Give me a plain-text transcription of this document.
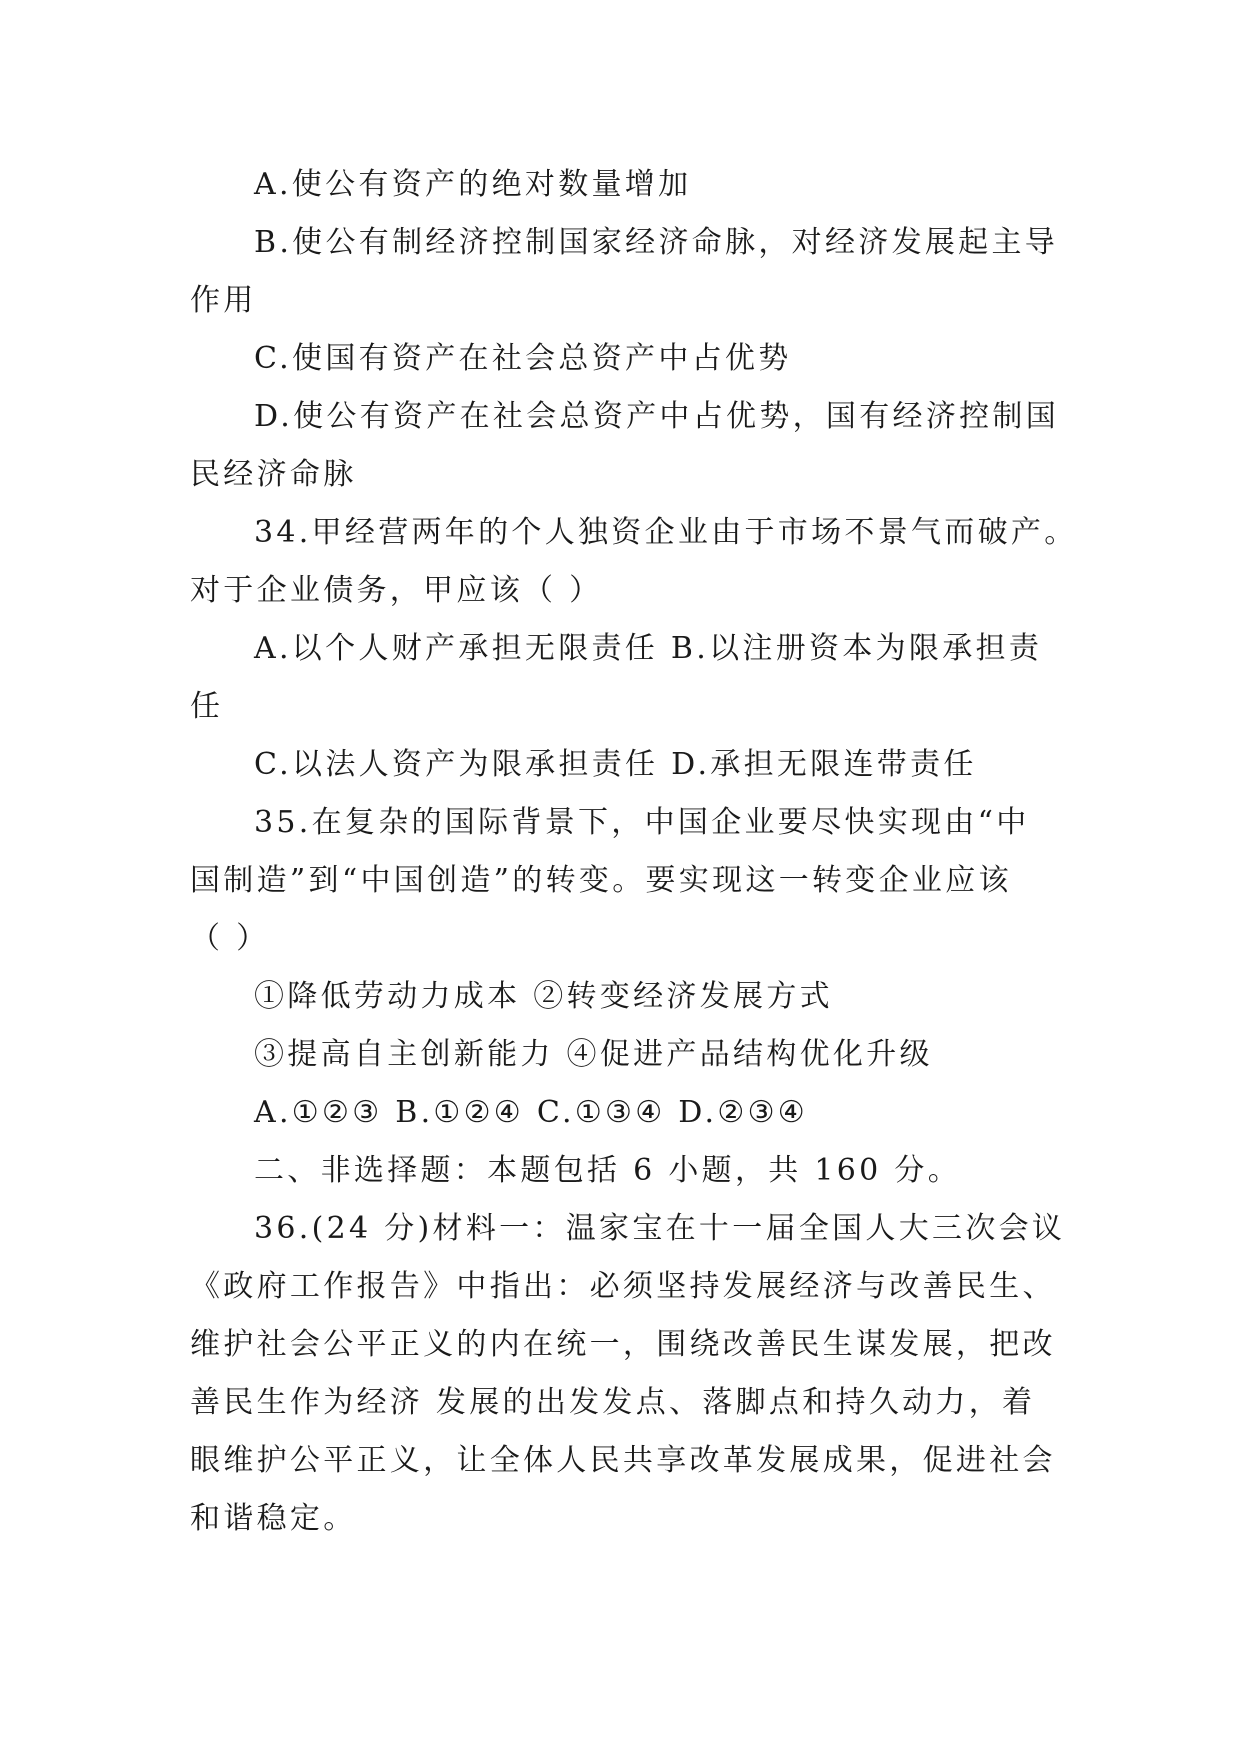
A.使公有资产的绝对数量增加
B.使公有制经济控制国家经济命脉，对经济发展起主导
作用
C.使国有资产在社会总资产中占优势
D.使公有资产在社会总资产中占优势，国有经济控制国
民经济命脉
34.甲经营两年的个人独资企业由于市场不景气而破产。
对于企业债务，甲应该（ ）
A.以个人财产承担无限责任 B.以注册资本为限承担责
任
C.以法人资产为限承担责任 D.承担无限连带责任
35.在复杂的国际背景下，中国企业要尽快实现由“中
国制造”到“中国创造”的转变。要实现这一转变企业应该
（ ）
①降低劳动力成本 ②转变经济发展方式
③提高自主创新能力 ④促进产品结构优化升级
A.①②③ B.①②④ C.①③④ D.②③④
二、非选择题：本题包括 6 小题，共 160 分。
36.(24 分)材料一：温家宝在十一届全国人大三次会议
《政府工作报告》中指出：必须坚持发展经济与改善民生、
维护社会公平正义的内在统一，围绕改善民生谋发展，把改
善民生作为经济 发展的出发发点、落脚点和持久动力，着
眼维护公平正义，让全体人民共享改革发展成果，促进社会
和谐稳定。
